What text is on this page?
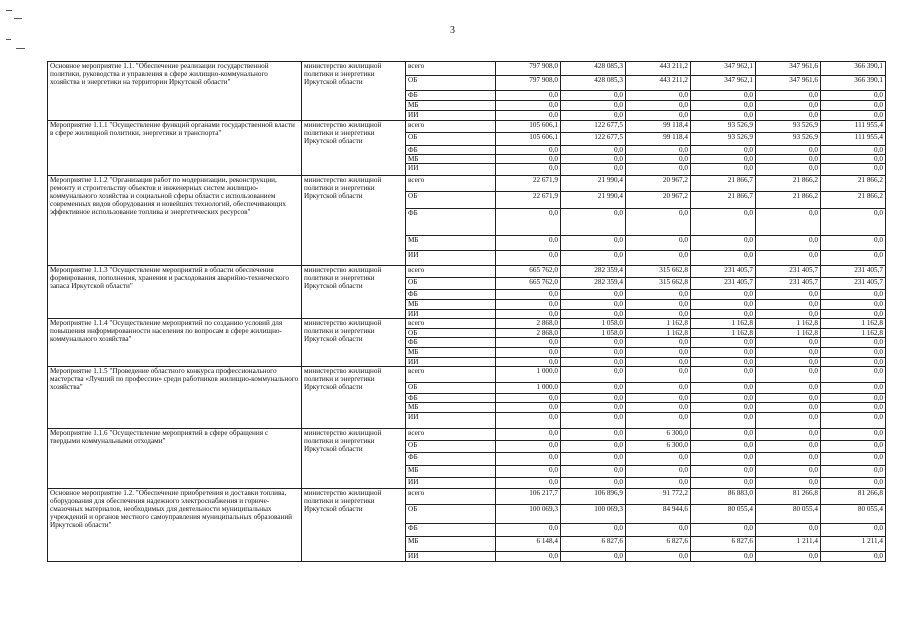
3
Основное мероприятие 1.1. "Обеспечение реализации государственной политики, руководства и управления в сфере жилищно-коммунального хозяйства и энергетики на территории Иркутской области"	министерство жилищной политики и энергетики Иркутской области	всего	797 908,0	428 085,3	443 211,2	347 962,1	347 961,6	366 390,1
		ОБ	797 908,0	428 085,3	443 211,2	347 962,1	347 961,6	366 390,1
		ФБ	0,0	0,0	0,0	0,0	0,0	0,0
		МБ	0,0	0,0	0,0	0,0	0,0	0,0
		ИИ	0,0	0,0	0,0	0,0	0,0	0,0
Мероприятие 1.1.1 "Осуществление функций органами государственной власти в сфере жилищной политики, энергетики и транспорта"	министерство жилищной политики и энергетики Иркутской области	всего	105 606,1	122 677,5	99 118,4	93 526,9	93 526,9	111 955,4
		ОБ	105 606,1	122 677,5	99 118,4	93 526,9	93 526,9	111 955,4
		ФБ	0,0	0,0	0,0	0,0	0,0	0,0
		МБ	0,0	0,0	0,0	0,0	0,0	0,0
		ИИ	0,0	0,0	0,0	0,0	0,0	0,0
Мероприятие 1.1.2 "Организация работ по модернизации, реконструкции, ремонту и строительству объектов и инженерных систем жилищно-коммунального хозяйства и социальной сферы области с использованием современных видов оборудования и новейших технологий, обеспечивающих эффективное использование топлива и энергетических ресурсов"	министерство жилищной политики и энергетики Иркутской области	всего	22 671,9	21 990,4	20 967,2	21 866,7	21 866,2	21 866,2
		ОБ	22 671,9	21 990,4	20 967,2	21 866,7	21 866,2	21 866,2
		ФБ	0,0	0,0	0,0	0,0	0,0	0,0
		МБ	0,0	0,0	0,0	0,0	0,0	0,0
		ИИ	0,0	0,0	0,0	0,0	0,0	0,0
Мероприятие 1.1.3 "Осуществление мероприятий в области обеспечения формирования, пополнения, хранения и расходования аварийно-технического запаса Иркутской области"	министерство жилищной политики и энергетики Иркутской области	всего	665 762,0	282 359,4	315 662,8	231 405,7	231 405,7	231 405,7
		ОБ	665 762,0	282 359,4	315 662,8	231 405,7	231 405,7	231 405,7
		ФБ	0,0	0,0	0,0	0,0	0,0	0,0
		МБ	0,0	0,0	0,0	0,0	0,0	0,0
		ИИ	0,0	0,0	0,0	0,0	0,0	0,0
Мероприятие 1.1.4 "Осуществление мероприятий по созданию условий для повышения информированности населения по вопросам в сфере жилищно-коммунального хозяйства"	министерство жилищной политики и энергетики Иркутской области	всего	2 868,0	1 058,0	1 162,8	1 162,8	1 162,8	1 162,8
		ОБ	2 868,0	1 058,0	1 162,8	1 162,8	1 162,8	1 162,8
		ФБ	0,0	0,0	0,0	0,0	0,0	0,0
		МБ	0,0	0,0	0,0	0,0	0,0	0,0
		ИИ	0,0	0,0	0,0	0,0	0,0	0,0
Мероприятие 1.1.5 "Проведение областного конкурса профессионального мастерства «Лучший по профессии» среди работников жилищно-коммунального хозяйства"	министерство жилищной политики и энергетики Иркутской области	всего	1 000,0	0,0	0,0	0,0	0,0	0,0
		ОБ	1 000,0	0,0	0,0	0,0	0,0	0,0
		ФБ	0,0	0,0	0,0	0,0	0,0	0,0
		МБ	0,0	0,0	0,0	0,0	0,0	0,0
		ИИ	0,0	0,0	0,0	0,0	0,0	0,0
Мероприятие 1.1.6 "Осуществление мероприятий в сфере обращения с твердыми коммунальными отходами"	министерство жилищной политики и энергетики Иркутской области	всего	0,0	0,0	6 300,0	0,0	0,0	0,0
		ОБ	0,0	0,0	6 300,0	0,0	0,0	0,0
		ФБ	0,0	0,0	0,0	0,0	0,0	0,0
		МБ	0,0	0,0	0,0	0,0	0,0	0,0
		ИИ	0,0	0,0	0,0	0,0	0,0	0,0
Основное мероприятие 1.2. "Обеспечение приобретения и доставки топлива, оборудования для обеспечения надежного электроснабжения и горюче-смазочных материалов, необходимых для деятельности муниципальных учреждений и органов местного самоуправления муниципальных образований Иркутской области"	министерство жилищной политики и энергетики Иркутской области	всего	106 217,7	106 896,9	91 772,2	86 883,0	81 266,8	81 266,8
		ОБ	100 069,3	100 069,3	84 944,6	80 055,4	80 055,4	80 055,4
		ФБ	0,0	0,0	0,0	0,0	0,0	0,0
		МБ	6 148,4	6 827,6	6 827,6	6 827,6	1 211,4	1 211,4
		ИИ	0,0	0,0	0,0	0,0	0,0	0,0
